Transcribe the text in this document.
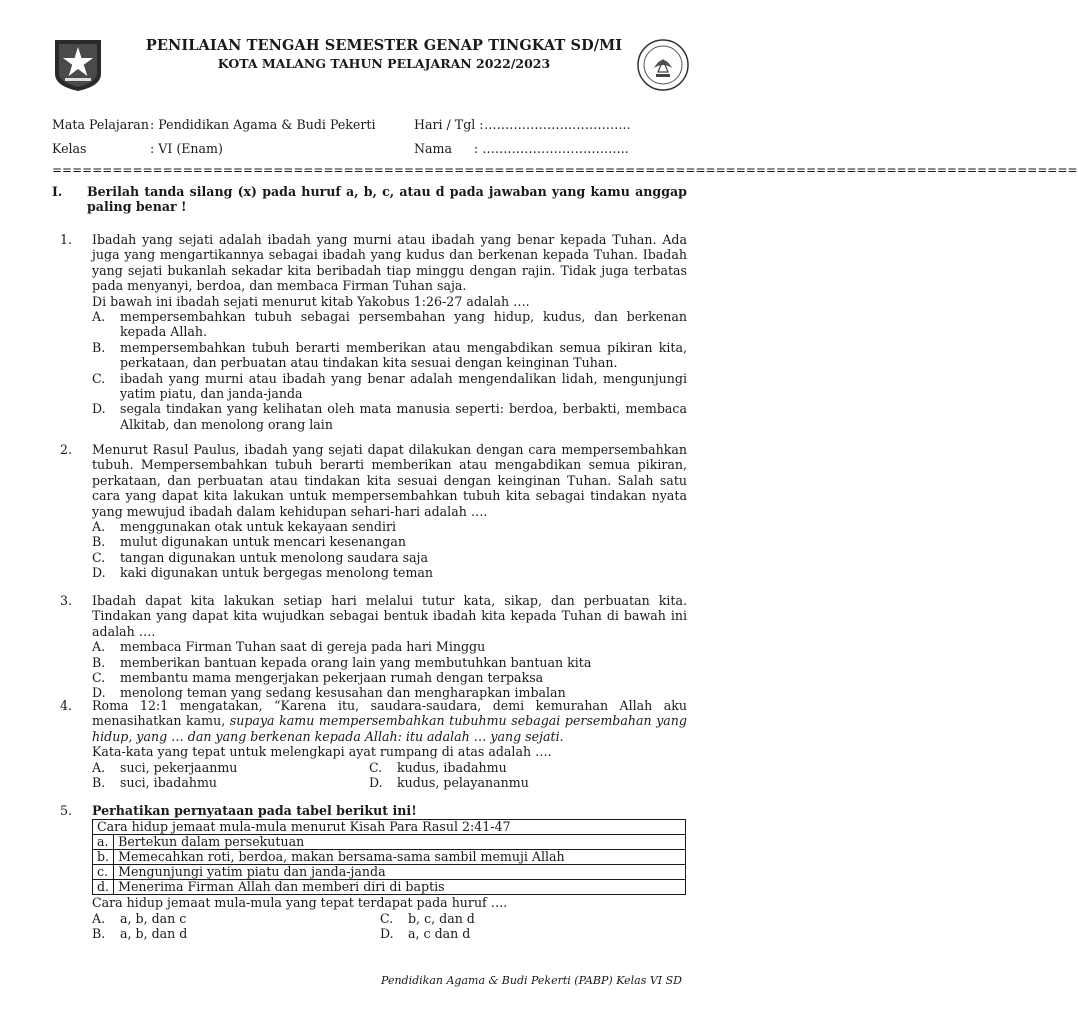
PENILAIAN TENGAH SEMESTER GENAP TINGKAT SD/MI
KOTA MALANG TAHUN PELAJARAN 2022/2023
Mata Pelajaran : Pendidikan Agama & Budi Pekerti	Hari / Tgl : ……………………………..
Kelas	: VI (Enam)	Nama : ……………………………..
======================================================================================================
I. Berilah tanda silang (x) pada huruf a, b, c, atau d pada jawaban yang kamu anggap paling benar !
1. Ibadah yang sejati adalah ibadah yang murni atau ibadah yang benar kepada Tuhan. Ada juga yang mengartikannya sebagai ibadah yang kudus dan berkenan kepada Tuhan. Ibadah yang sejati bukanlah sekadar kita beribadah tiap minggu dengan rajin. Tidak juga terbatas pada menyanyi, berdoa, dan membaca Firman Tuhan saja.

Di bawah ini ibadah sejati menurut kitab Yakobus 1:26-27 adalah ….

A. mempersembahkan tubuh sebagai persembahan yang hidup, kudus, dan berkenan kepada Allah.
B. mempersembahkan tubuh berarti memberikan atau mengabdikan semua pikiran kita, perkataan, dan perbuatan atau tindakan kita sesuai dengan keinginan Tuhan.
C. ibadah yang murni atau ibadah yang benar adalah mengendalikan lidah, mengunjungi yatim piatu, dan janda-janda
D. segala tindakan yang kelihatan oleh mata manusia seperti: berdoa, berbakti, membaca Alkitab, dan menolong orang lain
2. Menurut Rasul Paulus, ibadah yang sejati dapat dilakukan dengan cara mempersembahkan tubuh. Mempersembahkan tubuh berarti memberikan atau mengabdikan semua pikiran, perkataan, dan perbuatan atau tindakan kita sesuai dengan keinginan Tuhan. Salah satu cara yang dapat kita lakukan untuk mempersembahkan tubuh kita sebagai tindakan nyata yang mewujud ibadah dalam kehidupan sehari-hari adalah ….

A. menggunakan otak untuk kekayaan sendiri
B. mulut digunakan untuk mencari kesenangan
C. tangan digunakan untuk menolong saudara saja
D. kaki digunakan untuk bergegas menolong teman
3. Ibadah dapat kita lakukan setiap hari melalui tutur kata, sikap, dan perbuatan kita. Tindakan yang dapat kita wujudkan sebagai bentuk ibadah kita kepada Tuhan di bawah ini adalah ….

A. membaca Firman Tuhan saat di gereja pada hari Minggu
B. memberikan bantuan kepada orang lain yang membutuhkan bantuan kita
C. membantu mama mengerjakan pekerjaan rumah dengan terpaksa
D. menolong teman yang sedang kesusahan dan mengharapkan imbalan
4. Roma 12:1 mengatakan, “Karena itu, saudara-saudara, demi kemurahan Allah aku menasihatkan kamu, supaya kamu mempersembahkan tubuhmu sebagai persembahan yang hidup, yang … dan yang berkenan kepada Allah: itu adalah … yang sejati.

Kata-kata yang tepat untuk melengkapi ayat rumpang di atas adalah ….

A. suci, pekerjaanmu	C. kudus, ibadahmu
B. suci, ibadahmu	D. kudus, pelayananmu
5. Perhatikan pernyataan pada tabel berikut ini!

Cara hidup jemaat mula-mula menurut Kisah Para Rasul 2:41-47	
a.	Bertekun dalam persekutuan
b.	Memecahkan roti, berdoa, makan bersama-sama sambil memuji Allah
c.	Mengunjungi yatim piatu dan janda-janda
d.	Menerima Firman Allah dan memberi diri di baptis

Cara hidup jemaat mula-mula yang tepat terdapat pada huruf ….

A. a, b, dan c	C. b, c, dan d
B. a, b, dan d	D. a, c dan d
Pendidikan Agama & Budi Pekerti (PABP) Kelas VI SD
